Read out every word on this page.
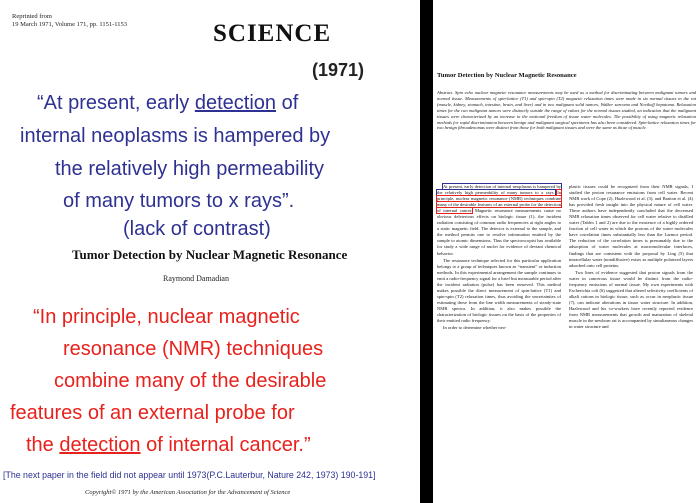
Reprinted from
19 March 1971, Volume 171, pp. 1151-1153	SCIENCE
(1971)
“At present, early detection of
internal neoplasms is hampered by
the relatively high permeability
of many tumors to x rays”.
(lack of contrast)
Tumor Detection by Nuclear Magnetic Resonance
Raymond Damadian
“In principle, nuclear magnetic
resonance (NMR) techniques
combine many of the desirable
features of an external probe for
the detection of internal cancer.”
[The next paper in the field did not appear until 1973(P.C.Lauterbur, Nature 242, 1973) 190-191]
Copyright© 1971 by the American Association for the Advancement of Science
Tumor Detection by Nuclear Magnetic Resonance
Abstract. Spin echo nuclear magnetic resonance measurements may be used as a method for discriminating between malignant tumors and normal tissue. Measurements of spin-lattice (T1) and spin-spin (T2) magnetic relaxation times were made in six normal tissues in the rat (muscle, kidney, stomach, intestine, brain, and liver) and in two malignant solid tumors, Walker sarcoma and Novikoff hepatoma. Relaxation times for the two malignant tumors were distinctly outside the range of values for the normal tissues studied, an indication that the malignant tissues were characterized by an increase in the motional freedom of tissue water molecules. The possibility of using magnetic relaxation methods for rapid discrimination between benign and malignant surgical specimens has also been considered. Spin-lattice relaxation times for two benign fibroadenomas were distinct from those for both malignant tissues and were the same as those of muscle.

At present, early detection of internal neoplasms is hampered by the relatively high permeability of many tumors to x rays. In principle, nuclear magnetic resonance (NMR) techniques combine many of the desirable features of an external probe for the detection of internal cancer. Magnetic resonance measurements cause no obvious deleterious effects on biologic tissue (1), the incident radiation consisting of common radio frequencies at right angles to a static magnetic field. The detector is external to the sample, and the method permits one to resolve information emitted by the sample to atomic dimensions. Thus the spectroscopist has available for study a wide range of nuclei for evidence of deviant chemical behavior.

The resonance technique selected for this particular application belongs to a group of techniques known as “transient” or induction methods. In this experimental arrangement the sample continues to emit a radio-frequency signal for a brief but measurable period after the incident radiation (pulse) has been removed. This method makes possible the direct measurement of spin-lattice (T1) and spin-spin (T2) relaxation times, thus avoiding the uncertainties of estimating these from the line width measurements of steady-state NMR spectra. In addition, it also makes possible the characterization of biologic tissues on the basis of the properties of their emitted radio frequency.

In order to determine whether neo-

plastic tissues could be recognized from their NMR signals, I studied the proton resonance emissions from cell water. Recent NMR work of Cope (2), Hazlewood et al. (3), and Bratton et al. (4) has provided fresh insight into the physical nature of cell water. These authors have independently concluded that the decreased NMR relaxation times observed for cell water relative to distilled water (Tables 1 and 2) are due to the existence of a highly ordered fraction of cell water in which the protons of the water molecules have correlation times substantially less than the Larmor period. The reduction of the correlation times is presumably due to the adsorption of water molecules at macromolecular interfaces, findings that are consistent with the proposal by Ling (5) that intracellular water (nondiffusive) exists as multiple polarized layers adsorbed onto cell proteins.

Two lines of evidence suggested that proton signals from the water in cancerous tissue would be distinct from the radio-frequency emissions of normal tissue. My own experiments with Escherichia coli (6) suggested that altered selectivity coefficients of alkali cations in biologic tissue, such as occur in neoplastic tissue (7), can indicate alterations in tissue water structure. In addition, Hazlewood and his co-workers have recently reported evidence from NMR measurements that growth and maturation of skeletal muscle in the newborn rat is accompanied by simultaneous changes in water structure and
